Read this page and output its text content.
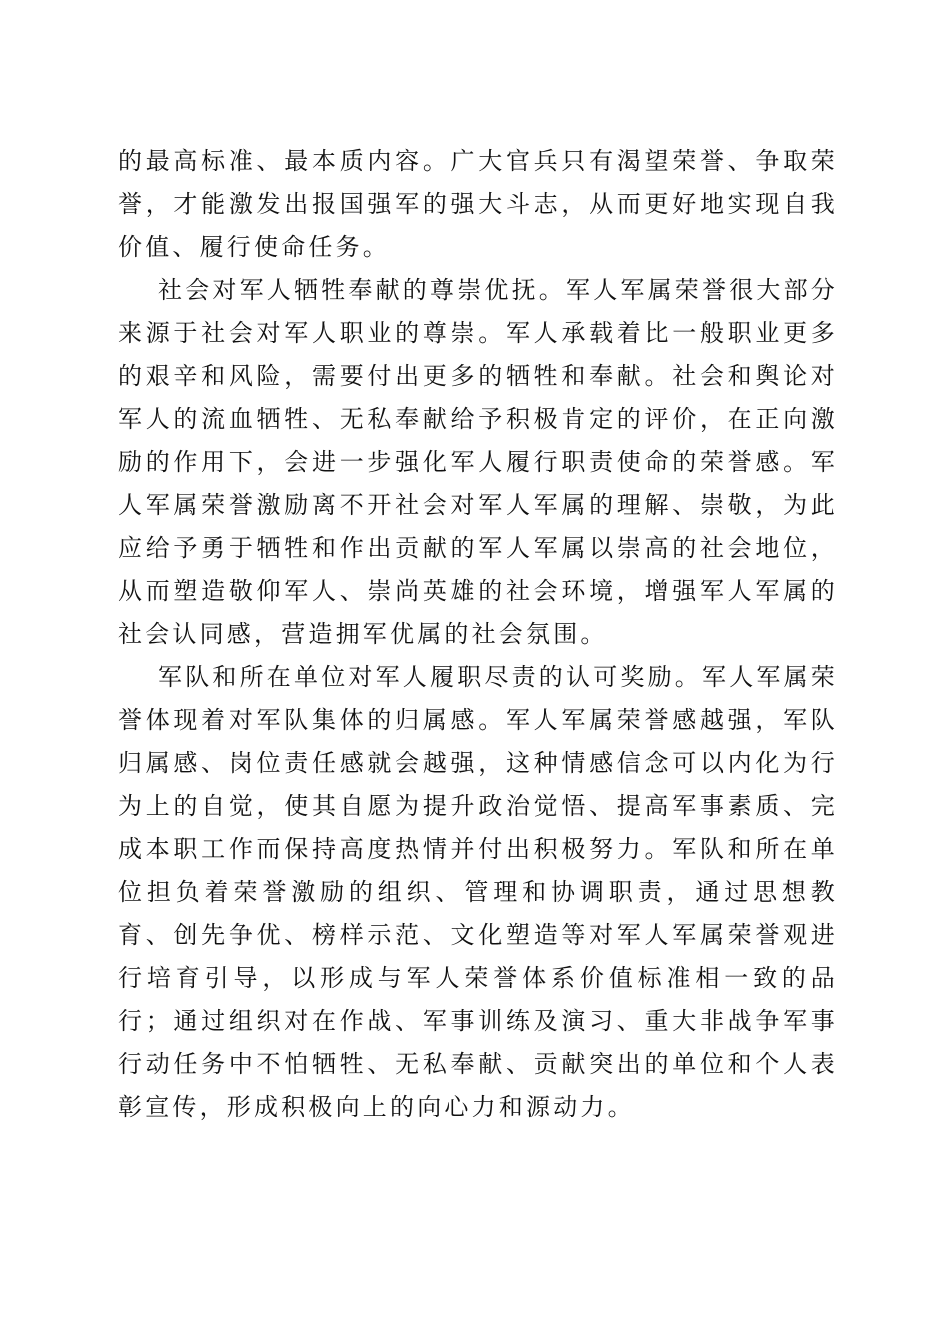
的最高标准、最本质内容。广大官兵只有渴望荣誉、争取荣誉，才能激发出报国强军的强大斗志，从而更好地实现自我价值、履行使命任务。

社会对军人牺牲奉献的尊崇优抚。军人军属荣誉很大部分来源于社会对军人职业的尊崇。军人承载着比一般职业更多的艰辛和风险，需要付出更多的牺牲和奉献。社会和舆论对军人的流血牺牲、无私奉献给予积极肯定的评价，在正向激励的作用下，会进一步强化军人履行职责使命的荣誉感。军人军属荣誉激励离不开社会对军人军属的理解、崇敬，为此应给予勇于牺牲和作出贡献的军人军属以崇高的社会地位，从而塑造敬仰军人、崇尚英雄的社会环境，增强军人军属的社会认同感，营造拥军优属的社会氛围。

军队和所在单位对军人履职尽责的认可奖励。军人军属荣誉体现着对军队集体的归属感。军人军属荣誉感越强，军队归属感、岗位责任感就会越强，这种情感信念可以内化为行为上的自觉，使其自愿为提升政治觉悟、提高军事素质、完成本职工作而保持高度热情并付出积极努力。军队和所在单位担负着荣誉激励的组织、管理和协调职责，通过思想教育、创先争优、榜样示范、文化塑造等对军人军属荣誉观进行培育引导，以形成与军人荣誉体系价值标准相一致的品行；通过组织对在作战、军事训练及演习、重大非战争军事行动任务中不怕牺牲、无私奉献、贡献突出的单位和个人表彰宣传，形成积极向上的向心力和源动力。
